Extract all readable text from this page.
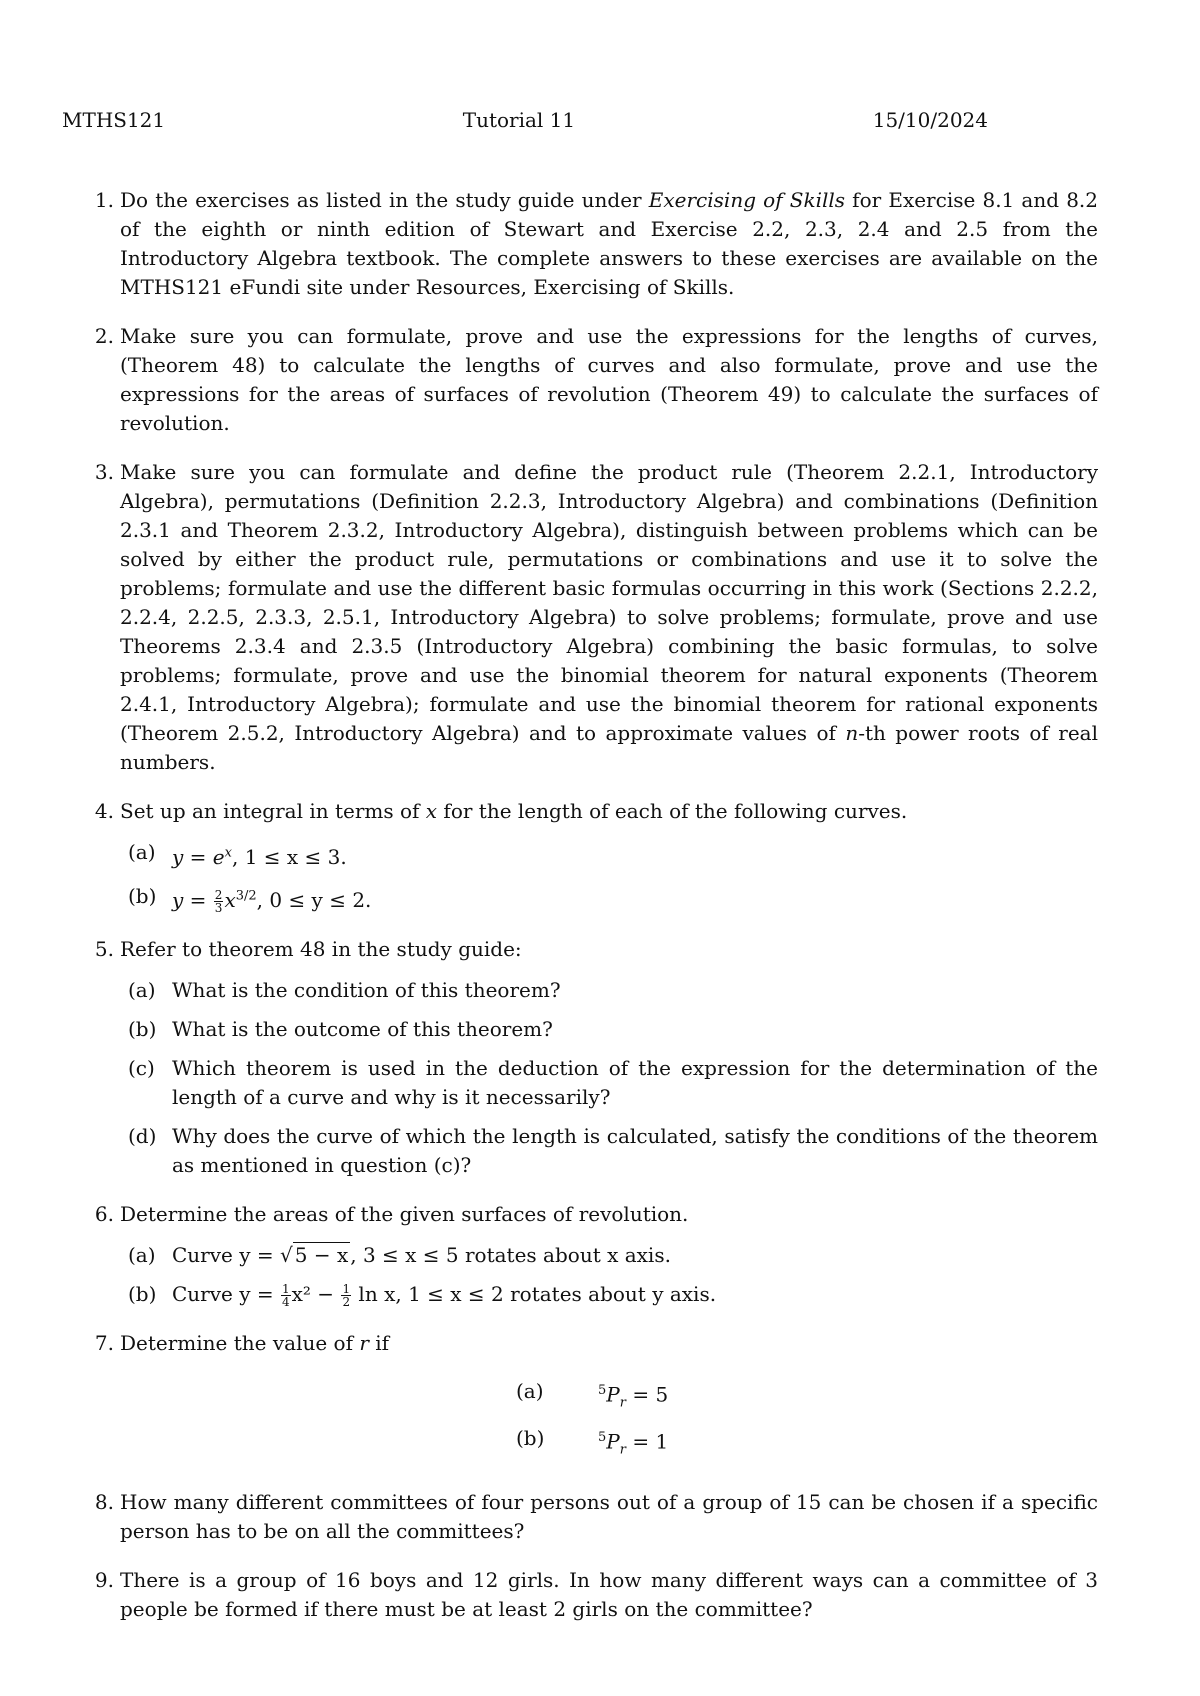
MTHS121	Tutorial 11	15/10/2024
1. Do the exercises as listed in the study guide under Exercising of Skills for Exercise 8.1 and 8.2 of the eighth or ninth edition of Stewart and Exercise 2.2, 2.3, 2.4 and 2.5 from the Introductory Algebra textbook. The complete answers to these exercises are available on the MTHS121 eFundi site under Resources, Exercising of Skills.
2. Make sure you can formulate, prove and use the expressions for the lengths of curves, (Theorem 48) to calculate the lengths of curves and also formulate, prove and use the expressions for the areas of surfaces of revolution (Theorem 49) to calculate the surfaces of revolution.
3. Make sure you can formulate and define the product rule (Theorem 2.2.1, Introductory Algebra), permutations (Definition 2.2.3, Introductory Algebra) and combinations (Definition 2.3.1 and Theorem 2.3.2, Introductory Algebra), distinguish between problems which can be solved by either the product rule, permutations or combinations and use it to solve the problems; formulate and use the different basic formulas occurring in this work (Sections 2.2.2, 2.2.4, 2.2.5, 2.3.3, 2.5.1, Introductory Algebra) to solve problems; formulate, prove and use Theorems 2.3.4 and 2.3.5 (Introductory Algebra) combining the basic formulas, to solve problems; formulate, prove and use the binomial theorem for natural exponents (Theorem 2.4.1, Introductory Algebra); formulate and use the binomial theorem for rational exponents (Theorem 2.5.2, Introductory Algebra) and to approximate values of n-th power roots of real numbers.
4. Set up an integral in terms of x for the length of each of the following curves.
(a) $y = e^x$, 1 ≤ x ≤ 3.
(b) $y = \frac{2}{3} x^{3/2}$, 0 ≤ y ≤ 2.
5. Refer to theorem 48 in the study guide:
(a) What is the condition of this theorem?
(b) What is the outcome of this theorem?
(c) Which theorem is used in the deduction of the expression for the determination of the length of a curve and why is it necessarily?
(d) Why does the curve of which the length is calculated, satisfy the conditions of the theorem as mentioned in question (c)?
6. Determine the areas of the given surfaces of revolution.
(a) Curve y = √ 5 − x , 3 ≤ x ≤ 5 rotates about x axis.
(b) Curve $y = \frac{1}{4} x^2 - \frac{1}{2}$ ln x, 1 ≤ x ≤ 2 rotates about y axis.
7. Determine the value of r if
(a)	$^5P_r = 5$
(b)	$^5P_r = 1$
8. How many different committees of four persons out of a group of 15 can be chosen if a specific person has to be on all the committees?
9. There is a group of 16 boys and 12 girls. In how many different ways can a committee of 3 people be formed if there must be at least 2 girls on the committee?
